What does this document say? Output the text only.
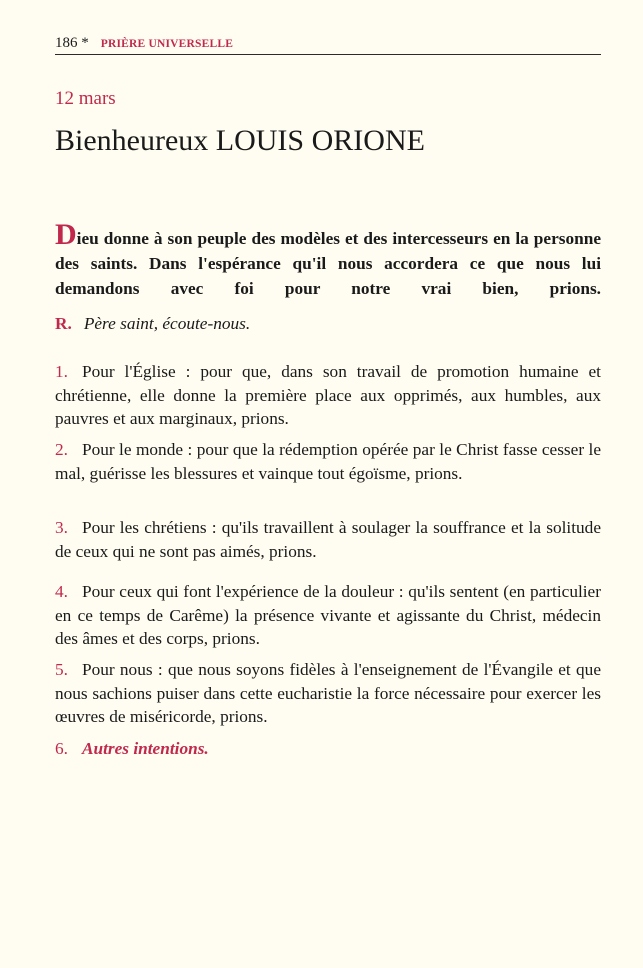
186 * PRIÈRE UNIVERSELLE
12 mars
Bienheureux LOUIS ORIONE
Dieu donne à son peuple des modèles et des intercesseurs en la personne des saints. Dans l'espérance qu'il nous accordera ce que nous lui demandons avec foi pour notre vrai bien, prions.
R. Père saint, écoute-nous.
1. Pour l'Église : pour que, dans son travail de promotion humaine et chrétienne, elle donne la première place aux opprimés, aux humbles, aux pauvres et aux marginaux, prions.
2. Pour le monde : pour que la rédemption opérée par le Christ fasse cesser le mal, guérisse les blessures et vainque tout égoïsme, prions.
3. Pour les chrétiens : qu'ils travaillent à soulager la souffrance et la solitude de ceux qui ne sont pas aimés, prions.
4. Pour ceux qui font l'expérience de la douleur : qu'ils sentent (en particulier en ce temps de Carême) la présence vivante et agissante du Christ, médecin des âmes et des corps, prions.
5. Pour nous : que nous soyons fidèles à l'enseignement de l'Évangile et que nous sachions puiser dans cette eucharistie la force nécessaire pour exercer les œuvres de miséricorde, prions.
6. Autres intentions.
